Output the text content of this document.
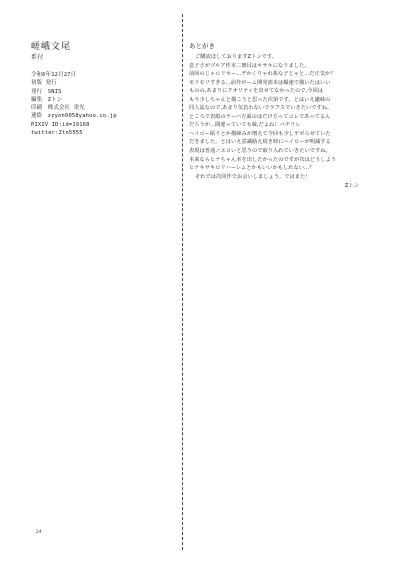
嵯峨文尾
系付
令和6年12月27日
初版 発行
発行　SNIS
編集　Zトン
印刷　株式会社 栄光
連絡　zzyon0058yahoo.co.jp
PIXIV ID:id=19168
twitter:Ztn5555
あとがき
ご購読ほしておりますZトンです。
息子さがプルア作本二冊目はキサキになりました。
前回のじゃロリキー...デかくりゃれ系な子じゃと...だ正気か？
モリモリすぎる...前作がーム開発部本は爆速で描いたはいい
ものの,あまりにクオリティを出せてなかったので,今回は
もう少しちゃんと描こうと思った次第です。とはいえ趣味の
同人誌なので,あまり気負わないでラフスでいきたいですね。
ところで表紙のテーバ方面のはだけ方ってコレであってるん
だろうか...間違っていても味,だよね！バチリレ
ヘイロー貼りとか描締みが増えて今回も少しヤポらせていた
だきました。とはいえ意識路え続き時にヘイローが明滅する
表現は普通ニエロいと思うので取り入れていきたいですね。
本来ならヒナちゃん本を出したかったのですが次はどうしよう
ヒナキサキロリハーレムとかもいいかもしれない...？
それでは次回作でお会いしましょう。ではまた！
Zトン
24
